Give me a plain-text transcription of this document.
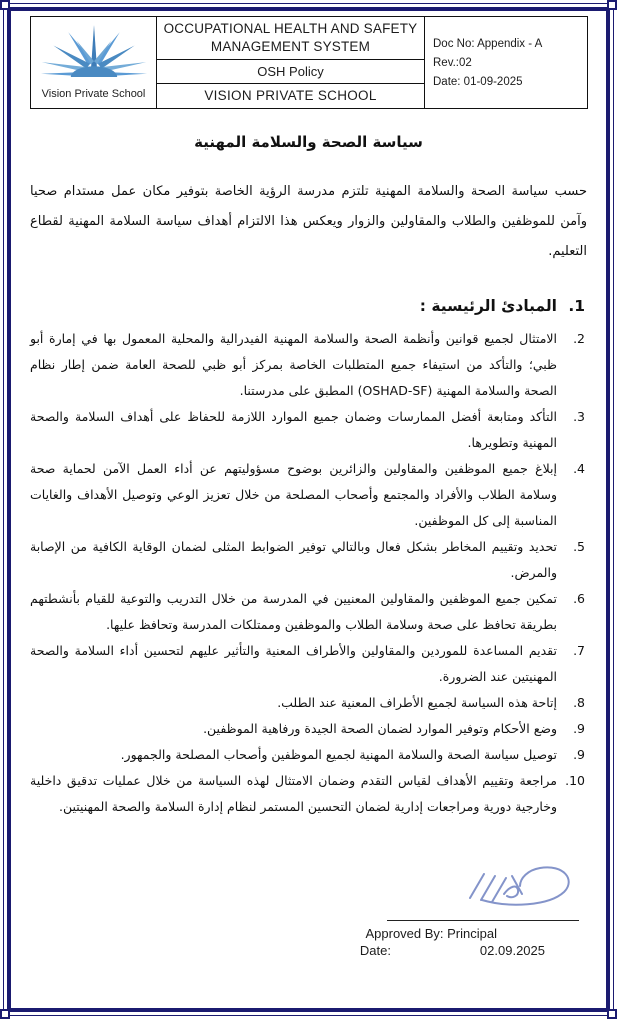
Vision Private School

OCCUPATIONAL HEALTH AND SAFETY MANAGEMENT SYSTEM	Doc No: Appendix - A
Rev.:02
Date: 01-09-2025

OSH Policy

VISION PRIVATE SCHOOL
سياسة الصحة والسلامة المهنية

حسب سياسة الصحة والسلامة المهنية تلتزم مدرسة الرؤية الخاصة بتوفير مكان عمل مستدام صحيا وآمن للموظفين والطلاب والمقاولين والزوار ويعكس هذا الالتزام أهداف سياسة السلامة المهنية لقطاع التعليم.

1.
المبادئ الرئيسية :
2.
الامتثال لجميع قوانين وأنظمة الصحة والسلامة المهنية الفيدرالية والمحلية المعمول بها في إمارة أبو ظبي؛ والتأكد من استيفاء جميع المتطلبات الخاصة بمركز أبو ظبي للصحة العامة ضمن إطار نظام الصحة والسلامة المهنية (OSHAD-SF) المطبق على مدرستنا.
3.
التأكد ومتابعة أفضل الممارسات وضمان جميع الموارد اللازمة للحفاظ على أهداف السلامة والصحة المهنية وتطويرها.
4.
إبلاغ جميع الموظفين والمقاولين والزائرين بوضوح مسؤوليتهم عن أداء العمل الآمن لحماية صحة وسلامة الطلاب والأفراد والمجتمع وأصحاب المصلحة من خلال تعزيز الوعي وتوصيل الأهداف والغايات المناسبة إلى كل الموظفين.
5.
تحديد وتقييم المخاطر بشكل فعال وبالتالي توفير الضوابط المثلى لضمان الوقاية الكافية من الإصابة والمرض.
6.
تمكين جميع الموظفين والمقاولين المعنيين في المدرسة من خلال التدريب والتوعية للقيام بأنشطتهم بطريقة تحافظ على صحة وسلامة الطلاب والموظفين وممتلكات المدرسة وتحافظ عليها.
7.
تقديم المساعدة للموردين والمقاولين والأطراف المعنية والتأثير عليهم لتحسين أداء السلامة والصحة المهنيتين عند الضرورة.
8.
إتاحة هذه السياسة لجميع الأطراف المعنية عند الطلب.
9.
وضع الأحكام وتوفير الموارد لضمان الصحة الجيدة ورفاهية الموظفين.
9.
توصيل سياسة الصحة والسلامة المهنية لجميع الموظفين وأصحاب المصلحة والجمهور.
10.
مراجعة وتقييم الأهداف لقياس التقدم وضمان الامتثال لهذه السياسة من خلال عمليات تدقيق داخلية وخارجية دورية ومراجعات إدارية لضمان التحسين المستمر لنظام إدارة السلامة والصحة المهنيتين.
Approved By: Principal
Date:	02.09.2025
